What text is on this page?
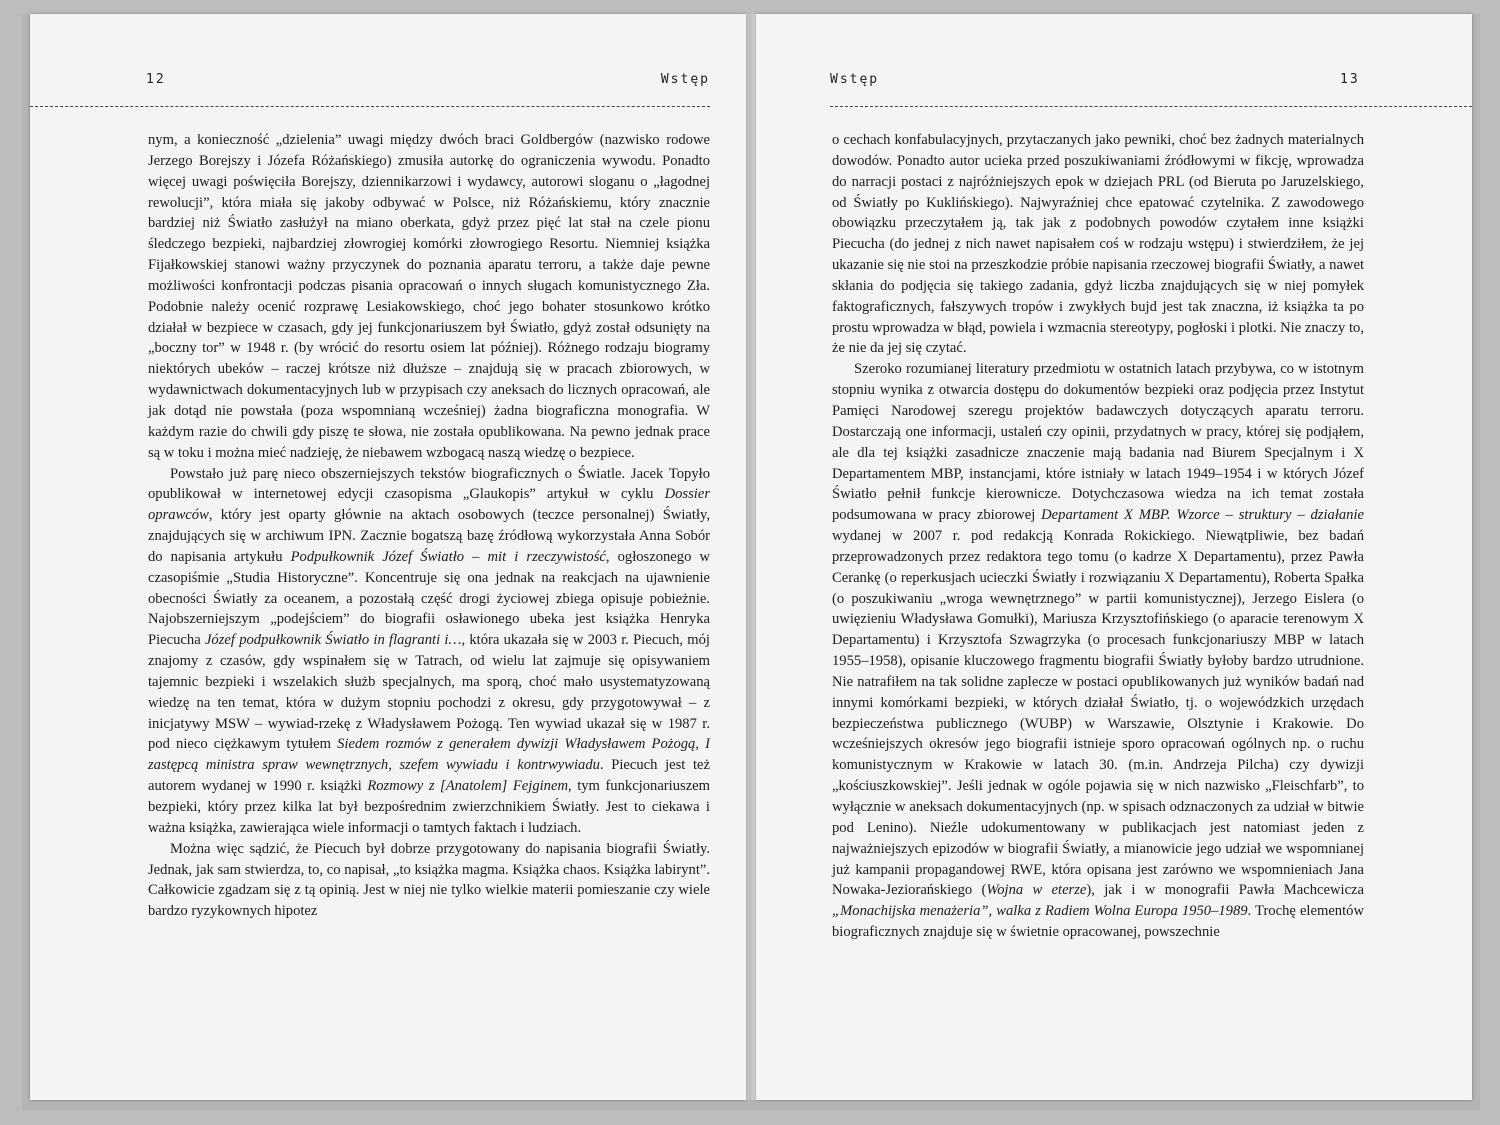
12	Wstęp

nym, a konieczność „dzielenia” uwagi między dwóch braci Goldbergów (nazwisko rodowe Jerzego Borejszy i Józefa Różańskiego) zmusiła autorkę do ograniczenia wywodu. Ponadto więcej uwagi poświęciła Borejszy, dziennikarzowi i wydawcy, autorowi sloganu o „łagodnej rewolucji”, która miała się jakoby odbywać w Polsce, niż Różańskiemu, który znacznie bardziej niż Światło zasłużył na miano oberkata, gdyż przez pięć lat stał na czele pionu śledczego bezpieki, najbardziej złowrogiej komórki złowrogiego Resortu. Niemniej książka Fijałkowskiej stanowi ważny przyczynek do poznania aparatu terroru, a także daje pewne możliwości konfrontacji podczas pisania opracowań o innych sługach komunistycznego Zła. Podobnie należy ocenić rozprawę Lesiakowskiego, choć jego bohater stosunkowo krótko działał w bezpiece w czasach, gdy jej funkcjonariuszem był Światło, gdyż został odsunięty na „boczny tor” w 1948 r. (by wrócić do resortu osiem lat później). Różnego rodzaju biogramy niektórych ubeków – raczej krótsze niż dłuższe – znajdują się w pracach zbiorowych, w wydawnictwach dokumentacyjnych lub w przypisach czy aneksach do licznych opracowań, ale jak dotąd nie powstała (poza wspomnianą wcześniej) żadna biograficzna monografia. W każdym razie do chwili gdy piszę te słowa, nie została opublikowana. Na pewno jednak prace są w toku i można mieć nadzieję, że niebawem wzbogacą naszą wiedzę o bezpiece.

Powstało już parę nieco obszerniejszych tekstów biograficznych o Światle. Jacek Topyło opublikował w internetowej edycji czasopisma „Glaukopis” artykuł w cyklu Dossier oprawców, który jest oparty głównie na aktach osobowych (teczce personalnej) Światły, znajdujących się w archiwum IPN. Zacznie bogatszą bazę źródłową wykorzystała Anna Sobór do napisania artykułu Podpułkownik Józef Światło – mit i rzeczywistość, ogłoszonego w czasopiśmie „Studia Historyczne”. Koncentruje się ona jednak na reakcjach na ujawnienie obecności Światły za oceanem, a pozostałą część drogi życiowej zbiega opisuje pobieżnie. Najobszerniejszym „podejściem” do biografii osławionego ubeka jest książka Henryka Piecucha Józef podpułkownik Światło in flagranti i…, która ukazała się w 2003 r. Piecuch, mój znajomy z czasów, gdy wspinałem się w Tatrach, od wielu lat zajmuje się opisywaniem tajemnic bezpieki i wszelakich służb specjalnych, ma sporą, choć mało usystematyzowaną wiedzę na ten temat, która w dużym stopniu pochodzi z okresu, gdy przygotowywał – z inicjatywy MSW – wywiad-rzekę z Władysławem Pożogą. Ten wywiad ukazał się w 1987 r. pod nieco ciężkawym tytułem Siedem rozmów z generałem dywizji Władysławem Pożogą, I zastępcą ministra spraw wewnętrznych, szefem wywiadu i kontrwywiadu. Piecuch jest też autorem wydanej w 1990 r. książki Rozmowy z [Anatolem] Fejginem, tym funkcjonariuszem bezpieki, który przez kilka lat był bezpośrednim zwierzchnikiem Światły. Jest to ciekawa i ważna książka, zawierająca wiele informacji o tamtych faktach i ludziach.

Można więc sądzić, że Piecuch był dobrze przygotowany do napisania biografii Światły. Jednak, jak sam stwierdza, to, co napisał, „to książka magma. Książka chaos. Książka labirynt”. Całkowicie zgadzam się z tą opinią. Jest w niej nie tylko wielkie materii pomieszanie czy wiele bardzo ryzykownych hipotez

Wstęp	13

o cechach konfabulacyjnych, przytaczanych jako pewniki, choć bez żadnych materialnych dowodów. Ponadto autor ucieka przed poszukiwaniami źródłowymi w fikcję, wprowadza do narracji postaci z najróżniejszych epok w dziejach PRL (od Bieruta po Jaruzelskiego, od Światły po Kuklińskiego). Najwyraźniej chce epatować czytelnika. Z zawodowego obowiązku przeczytałem ją, tak jak z podobnych powodów czytałem inne książki Piecucha (do jednej z nich nawet napisałem coś w rodzaju wstępu) i stwierdziłem, że jej ukazanie się nie stoi na przeszkodzie próbie napisania rzeczowej biografii Światły, a nawet skłania do podjęcia się takiego zadania, gdyż liczba znajdujących się w niej pomyłek faktograficznych, fałszywych tropów i zwykłych bujd jest tak znaczna, iż książka ta po prostu wprowadza w błąd, powiela i wzmacnia stereotypy, pogłoski i plotki. Nie znaczy to, że nie da jej się czytać.

Szeroko rozumianej literatury przedmiotu w ostatnich latach przybywa, co w istotnym stopniu wynika z otwarcia dostępu do dokumentów bezpieki oraz podjęcia przez Instytut Pamięci Narodowej szeregu projektów badawczych dotyczących aparatu terroru. Dostarczają one informacji, ustaleń czy opinii, przydatnych w pracy, której się podjąłem, ale dla tej książki zasadnicze znaczenie mają badania nad Biurem Specjalnym i X Departamentem MBP, instancjami, które istniały w latach 1949–1954 i w których Józef Światło pełnił funkcje kierownicze. Dotychczasowa wiedza na ich temat została podsumowana w pracy zbiorowej Departament X MBP. Wzorce – struktury – działanie wydanej w 2007 r. pod redakcją Konrada Rokickiego. Niewątpliwie, bez badań przeprowadzonych przez redaktora tego tomu (o kadrze X Departamentu), przez Pawła Cerankę (o reperkusjach ucieczki Światły i rozwiązaniu X Departamentu), Roberta Spałka (o poszukiwaniu „wroga wewnętrznego” w partii komunistycznej), Jerzego Eislera (o uwięzieniu Władysława Gomułki), Mariusza Krzysztofińskiego (o aparacie terenowym X Departamentu) i Krzysztofa Szwagrzyka (o procesach funkcjonariuszy MBP w latach 1955–1958), opisanie kluczowego fragmentu biografii Światły byłoby bardzo utrudnione. Nie natrafiłem na tak solidne zaplecze w postaci opublikowanych już wyników badań nad innymi komórkami bezpieki, w których działał Światło, tj. o wojewódzkich urzędach bezpieczeństwa publicznego (WUBP) w Warszawie, Olsztynie i Krakowie. Do wcześniejszych okresów jego biografii istnieje sporo opracowań ogólnych np. o ruchu komunistycznym w Krakowie w latach 30. (m.in. Andrzeja Pilcha) czy dywizji „kościuszkowskiej”. Jeśli jednak w ogóle pojawia się w nich nazwisko „Fleischfarb”, to wyłącznie w aneksach dokumentacyjnych (np. w spisach odznaczonych za udział w bitwie pod Lenino). Nieźle udokumentowany w publikacjach jest natomiast jeden z najważniejszych epizodów w biografii Światły, a mianowicie jego udział we wspomnianej już kampanii propagandowej RWE, która opisana jest zarówno we wspomnieniach Jana Nowaka-Jeziorańskiego (Wojna w eterze), jak i w monografii Pawła Machcewicza „Monachijska menażeria”, walka z Radiem Wolna Europa 1950–1989. Trochę elementów biograficznych znajduje się w świetnie opracowanej, powszechnie
